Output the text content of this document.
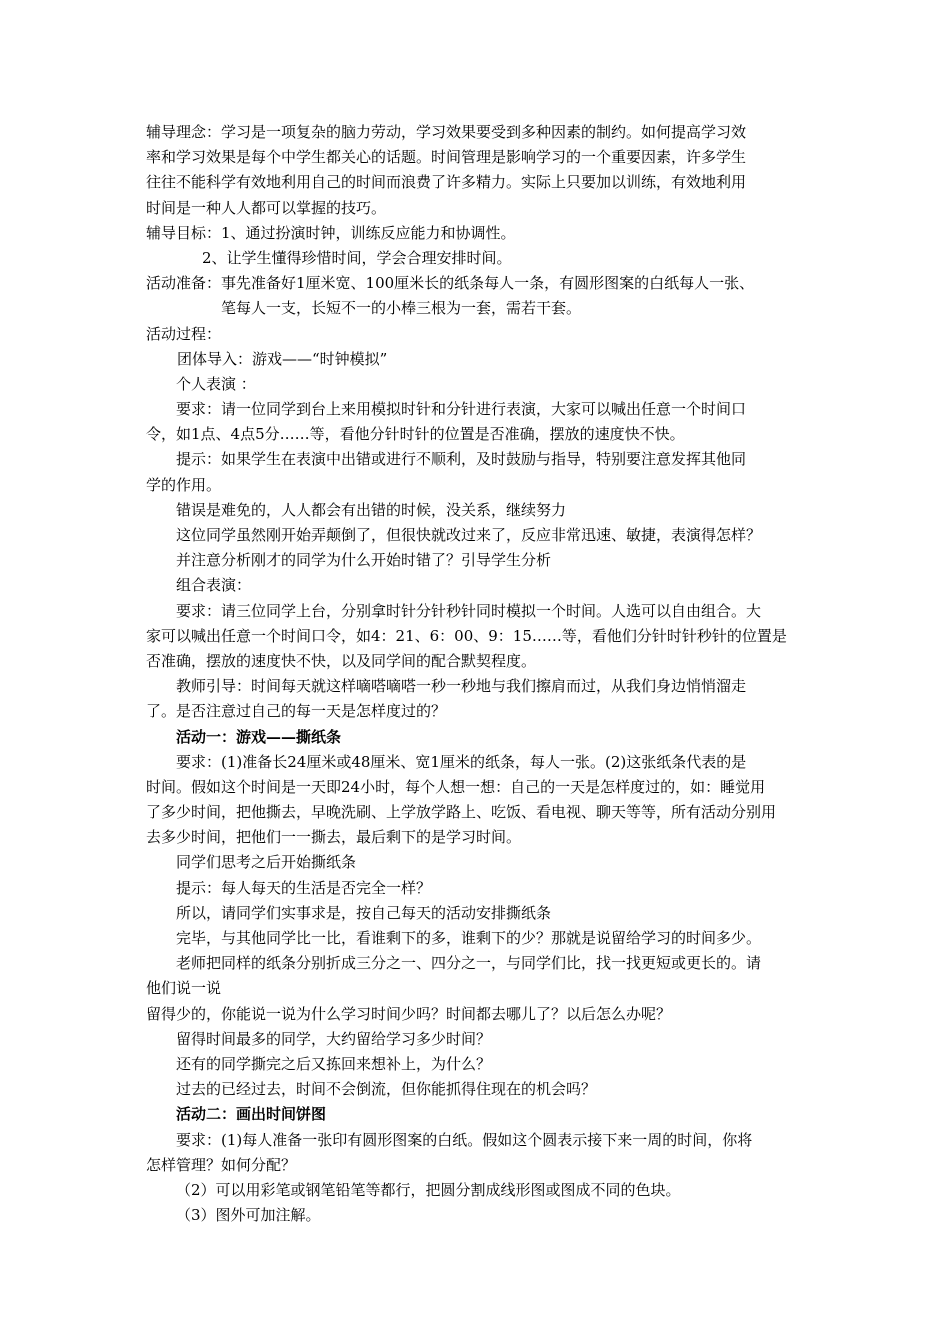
辅导理念：学习是一项复杂的脑力劳动，学习效果要受到多种因素的制约。如何提高学习效
率和学习效果是每个中学生都关心的话题。时间管理是影响学习的一个重要因素，许多学生
往往不能科学有效地利用自己的时间而浪费了许多精力。实际上只要加以训练，有效地利用
时间是一种人人都可以掌握的技巧。
辅导目标：1、通过扮演时钟，训练反应能力和协调性。
2、让学生懂得珍惜时间，学会合理安排时间。
活动准备：事先准备好1厘米宽、100厘米长的纸条每人一条，有圆形图案的白纸每人一张、
笔每人一支，长短不一的小棒三根为一套，需若干套。
活动过程：
团体导入：游戏——“时钟模拟”
个人表演 ：
要求：请一位同学到台上来用模拟时针和分针进行表演，大家可以喊出任意一个时间口
令，如1点、4点5分……等，看他分针时针的位置是否准确，摆放的速度快不快。
提示：如果学生在表演中出错或进行不顺利，及时鼓励与指导，特别要注意发挥其他同
学的作用。
错误是难免的，人人都会有出错的时候，没关系，继续努力
这位同学虽然刚开始弄颠倒了，但很快就改过来了，反应非常迅速、敏捷，表演得怎样？
并注意分析刚才的同学为什么开始时错了？引导学生分析
组合表演：
要求：请三位同学上台，分别拿时针分针秒针同时模拟一个时间。人选可以自由组合。大
家可以喊出任意一个时间口令，如4：21、6：00、9：15……等，看他们分针时针秒针的位置是
否准确，摆放的速度快不快，以及同学间的配合默契程度。
教师引导：时间每天就这样嘀嗒嘀嗒一秒一秒地与我们擦肩而过，从我们身边悄悄溜走
了。是否注意过自己的每一天是怎样度过的？
活动一：游戏——撕纸条
要求：(1)准备长24厘米或48厘米、宽1厘米的纸条，每人一张。(2)这张纸条代表的是
时间。假如这个时间是一天即24小时，每个人想一想：自己的一天是怎样度过的，如：睡觉用
了多少时间，把他撕去，早晚洗刷、上学放学路上、吃饭、看电视、聊天等等，所有活动分别用
去多少时间，把他们一一撕去，最后剩下的是学习时间。
同学们思考之后开始撕纸条
提示：每人每天的生活是否完全一样？
所以，请同学们实事求是，按自己每天的活动安排撕纸条
完毕，与其他同学比一比，看谁剩下的多，谁剩下的少？那就是说留给学习的时间多少。
老师把同样的纸条分别折成三分之一、四分之一，与同学们比，找一找更短或更长的。请
他们说一说
留得少的，你能说一说为什么学习时间少吗？时间都去哪儿了？以后怎么办呢？
留得时间最多的同学，大约留给学习多少时间？
还有的同学撕完之后又拣回来想补上，为什么？
过去的已经过去，时间不会倒流，但你能抓得住现在的机会吗？
活动二：画出时间饼图
要求：(1)每人准备一张印有圆形图案的白纸。假如这个圆表示接下来一周的时间，你将
怎样管理？如何分配？
（2）可以用彩笔或钢笔铅笔等都行，把圆分割成线形图或图成不同的色块。
（3）图外可加注解。
